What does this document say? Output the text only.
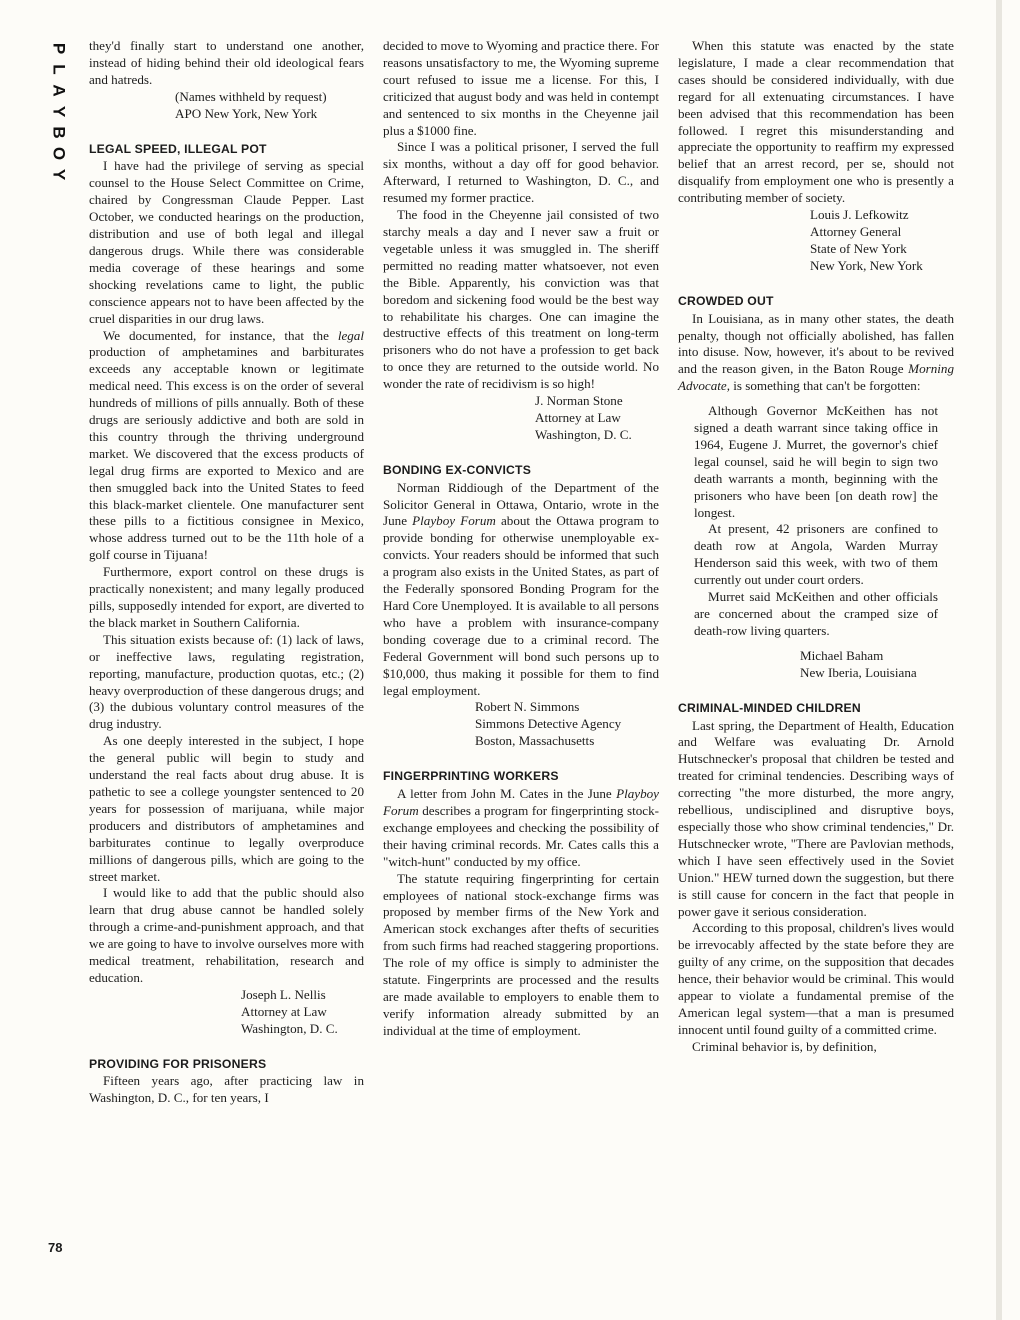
P
L
A
Y
B
O
Y

they'd finally start to understand one another, instead of hiding behind their old ideological fears and hatreds.

(Names withheld by request)
APO New York, New York
LEGAL SPEED, ILLEGAL POT

I have had the privilege of serving as special counsel to the House Select Committee on Crime, chaired by Congressman Claude Pepper. Last October, we conducted hearings on the production, distribution and use of both legal and illegal dangerous drugs. While there was considerable media coverage of these hearings and some shocking revelations came to light, the public conscience appears not to have been affected by the cruel disparities in our drug laws.

We documented, for instance, that the legal production of amphetamines and barbiturates exceeds any acceptable known or legitimate medical need. This excess is on the order of several hundreds of millions of pills annually. Both of these drugs are seriously addictive and both are sold in this country through the thriving underground market. We discovered that the excess products of legal drug firms are exported to Mexico and are then smuggled back into the United States to feed this black-market clientele. One manufacturer sent these pills to a fictitious consignee in Mexico, whose address turned out to be the 11th hole of a golf course in Tijuana!

Furthermore, export control on these drugs is practically nonexistent; and many legally produced pills, supposedly intended for export, are diverted to the black market in Southern California.

This situation exists because of: (1) lack of laws, or ineffective laws, regulating registration, reporting, manufacture, production quotas, etc.; (2) heavy overproduction of these dangerous drugs; and (3) the dubious voluntary control measures of the drug industry.

As one deeply interested in the subject, I hope the general public will begin to study and understand the real facts about drug abuse. It is pathetic to see a college youngster sentenced to 20 years for possession of marijuana, while major producers and distributors of amphetamines and barbiturates continue to legally overproduce millions of dangerous pills, which are going to the street market.

I would like to add that the public should also learn that drug abuse cannot be handled solely through a crime-and-punishment approach, and that we are going to have to involve ourselves more with medical treatment, rehabilitation, research and education.

Joseph L. Nellis
Attorney at Law
Washington, D. C.
PROVIDING FOR PRISONERS

Fifteen years ago, after practicing law in Washington, D. C., for ten years, I

decided to move to Wyoming and practice there. For reasons unsatisfactory to me, the Wyoming supreme court refused to issue me a license. For this, I criticized that august body and was held in contempt and sentenced to six months in the Cheyenne jail plus a $1000 fine.

Since I was a political prisoner, I served the full six months, without a day off for good behavior. Afterward, I returned to Washington, D. C., and resumed my former practice.

The food in the Cheyenne jail consisted of two starchy meals a day and I never saw a fruit or vegetable unless it was smuggled in. The sheriff permitted no reading matter whatsoever, not even the Bible. Apparently, his conviction was that boredom and sickening food would be the best way to rehabilitate his charges. One can imagine the destructive effects of this treatment on long-term prisoners who do not have a profession to get back to once they are returned to the outside world. No wonder the rate of recidivism is so high!

J. Norman Stone
Attorney at Law
Washington, D. C.
BONDING EX-CONVICTS

Norman Riddiough of the Department of the Solicitor General in Ottawa, Ontario, wrote in the June Playboy Forum about the Ottawa program to provide bonding for otherwise unemployable ex-convicts. Your readers should be informed that such a program also exists in the United States, as part of the Federally sponsored Bonding Program for the Hard Core Unemployed. It is available to all persons who have a problem with insurance-company bonding coverage due to a criminal record. The Federal Government will bond such persons up to $10,000, thus making it possible for them to find legal employment.

Robert N. Simmons
Simmons Detective Agency
Boston, Massachusetts
FINGERPRINTING WORKERS

A letter from John M. Cates in the June Playboy Forum describes a program for fingerprinting stock-exchange employees and checking the possibility of their having criminal records. Mr. Cates calls this a "witch-hunt" conducted by my office.

The statute requiring fingerprinting for certain employees of national stock-exchange firms was proposed by member firms of the New York and American stock exchanges after thefts of securities from such firms had reached staggering proportions. The role of my office is simply to administer the statute. Fingerprints are processed and the results are made available to employers to enable them to verify information already submitted by an individual at the time of employment.

When this statute was enacted by the state legislature, I made a clear recommendation that cases should be considered individually, with due regard for all extenuating circumstances. I have been advised that this recommendation has been followed. I regret this misunderstanding and appreciate the opportunity to reaffirm my expressed belief that an arrest record, per se, should not disqualify from employment one who is presently a contributing member of society.

Louis J. Lefkowitz
Attorney General
State of New York
New York, New York
CROWDED OUT

In Louisiana, as in many other states, the death penalty, though not officially abolished, has fallen into disuse. Now, however, it's about to be revived and the reason given, in the Baton Rouge Morning Advocate, is something that can't be forgotten:

Although Governor McKeithen has not signed a death warrant since taking office in 1964, Eugene J. Murret, the governor's chief legal counsel, said he will begin to sign two death warrants a month, beginning with the prisoners who have been [on death row] the longest.

At present, 42 prisoners are confined to death row at Angola, Warden Murray Henderson said this week, with two of them currently out under court orders.

Murret said McKeithen and other officials are concerned about the cramped size of death-row living quarters.

Michael Baham
New Iberia, Louisiana
CRIMINAL-MINDED CHILDREN

Last spring, the Department of Health, Education and Welfare was evaluating Dr. Arnold Hutschnecker's proposal that children be tested and treated for criminal tendencies. Describing ways of correcting "the more disturbed, the more angry, rebellious, undisciplined and disruptive boys, especially those who show criminal tendencies," Dr. Hutschnecker wrote, "There are Pavlovian methods, which I have seen effectively used in the Soviet Union." HEW turned down the suggestion, but there is still cause for concern in the fact that people in power gave it serious consideration.

According to this proposal, children's lives would be irrevocably affected by the state before they are guilty of any crime, on the supposition that decades hence, their behavior would be criminal. This would appear to violate a fundamental premise of the American legal system—that a man is presumed innocent until found guilty of a committed crime.

Criminal behavior is, by definition,

78
